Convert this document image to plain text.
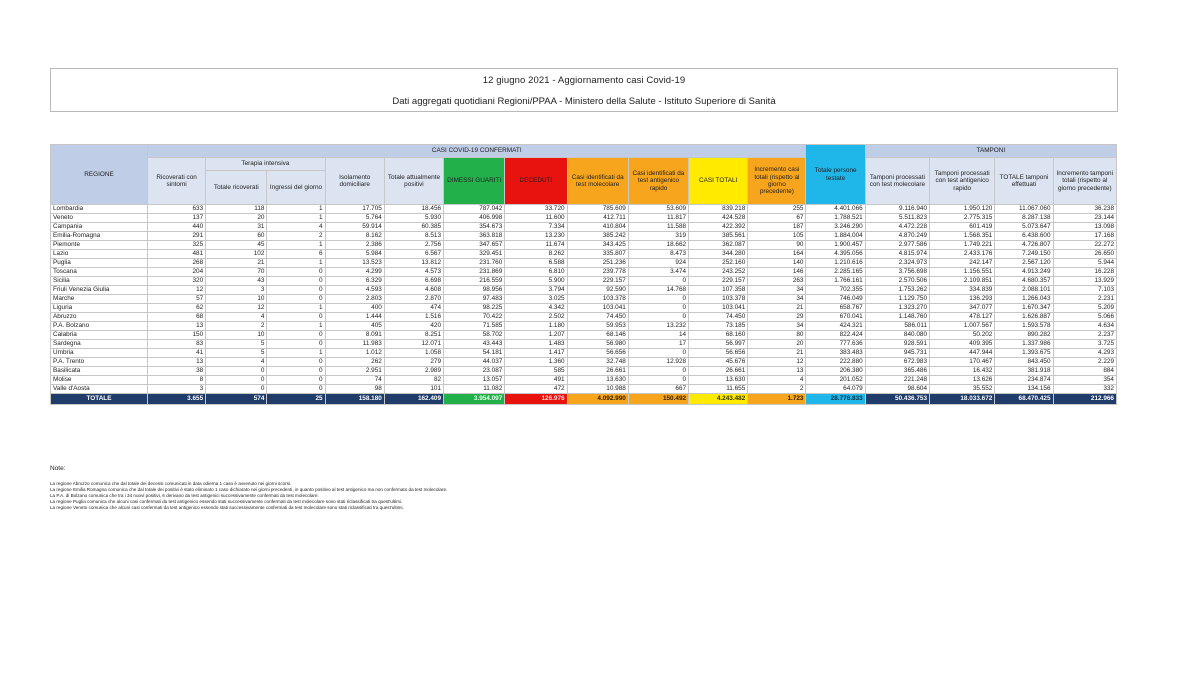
12 giugno 2021 - Aggiornamento casi Covid-19
Dati aggregati quotidiani Regioni/PPAA - Ministero della Salute - Istituto Superiore di Sanità
REGIONE	CASI COVID-19 CONFERMATI											Totale persone testate	TAMPONI			
	Ricoverati con sintomi	Terapia intensiva		Isolamento domiciliare	Totale attualmente positivi	DIMESSI GUARITI	DECEDUTI	Casi identificati da test molecolare	Casi identificati da test antigenico rapido	CASI TOTALI	Incremento casi totali (rispetto al giorno precedente)		Tamponi processati con test molecolare	Tamponi processati con test antigenico rapido	TOTALE tamponi effettuati	Incremento tamponi totali (rispetto al giorno precedente)
		Totale ricoverati	Ingressi del giorno													
Lombardia	633	118	1	17.705	18.456	787.042	33.720	785.609	53.609	839.218	255	4.401.066	9.116.940	1.950.120	11.067.060	36.238
Veneto	137	20	1	5.764	5.930	406.998	11.600	412.711	11.817	424.528	67	1.788.521	5.511.823	2.775.315	8.287.138	23.144
Campania	440	31	4	59.914	60.385	354.673	7.334	410.804	11.588	422.392	187	3.246.290	4.472.228	601.419	5.073.647	13.098
Emilia-Romagna	291	60	2	8.162	8.513	363.818	13.230	385.242	319	385.561	105	1.884.004	4.870.249	1.568.351	6.438.600	17.168
Piemonte	325	45	1	2.386	2.756	347.657	11.674	343.425	18.662	362.087	90	1.900.457	2.977.586	1.749.221	4.726.807	22.272
Lazio	481	102	6	5.984	6.567	329.451	8.262	335.807	8.473	344.280	164	4.395.056	4.815.974	2.433.176	7.249.150	26.650
Puglia	268	21	1	13.523	13.812	231.760	6.588	251.236	924	252.160	140	1.210.616	2.324.973	242.147	2.567.120	5.944
Toscana	204	70	0	4.299	4.573	231.869	6.810	239.778	3.474	243.252	146	2.285.165	3.756.698	1.156.551	4.913.249	16.228
Sicilia	320	43	0	6.329	6.698	216.559	5.900	229.157	0	229.157	263	1.766.161	2.570.506	2.109.851	4.680.357	13.929
Friuli Venezia Giulia	12	3	0	4.593	4.608	98.956	3.794	92.590	14.768	107.358	34	702.355	1.753.262	334.839	2.088.101	7.103
Marche	57	10	0	2.803	2.870	97.483	3.025	103.378	0	103.378	34	746.049	1.129.750	136.293	1.266.043	2.231
Liguria	62	12	1	400	474	98.225	4.342	103.041	0	103.041	21	658.767	1.323.270	347.077	1.670.347	5.209
Abruzzo	68	4	0	1.444	1.516	70.422	2.502	74.450	0	74.450	29	670.041	1.148.760	478.127	1.626.887	5.066
P.A. Bolzano	13	2	1	405	420	71.585	1.180	59.953	13.232	73.185	34	424.321	586.011	1.007.567	1.593.578	4.634
Calabria	150	10	0	8.091	8.251	58.702	1.207	68.146	14	68.160	80	822.424	840.080	50.202	890.282	2.237
Sardegna	83	5	0	11.983	12.071	43.443	1.483	56.980	17	56.997	20	777.636	928.591	409.395	1.337.986	3.725
Umbria	41	5	1	1.012	1.058	54.181	1.417	56.656	0	56.656	21	383.483	945.731	447.944	1.393.675	4.293
P.A. Trento	13	4	0	262	279	44.037	1.360	32.748	12.928	45.676	12	222.880	672.983	170.467	843.450	2.229
Basilicata	38	0	0	2.951	2.989	23.087	585	26.661	0	26.661	13	206.380	365.486	16.432	381.918	884
Molise	8	0	0	74	82	13.057	491	13.630	0	13.630	4	201.052	221.248	13.626	234.874	354
Valle d'Aosta	3	0	0	98	101	11.082	472	10.988	667	11.655	2	64.079	98.604	35.552	134.156	332
TOTALE	3.655	574	25	158.180	162.409	3.954.097	126.976	4.092.990	150.492	4.243.482	1.723	28.776.833	50.436.753	18.033.672	68.470.425	212.966
Note:
La regione Abruzzo comunica che dal totale dei decessi comunicati in data odierna 1 caso è avvenuto nei giorni scorsi.
La regione Emilia Romagna comunica che dal totale dei positivi è stato eliminato 1 caso dichiarato nei giorni precedenti, in quanto positivo al test antigenico ma non confermato da test molecolare.
La P.A. di Bolzano comunica che tra i 34 nuovi positivi, 6 derivano da test antigenici successivamente confermati da test molecolare.
La regione Puglia comunica che alcuni casi confermati da test antigenico essendo stati successivamente confermati da test molecolare sono stati riclassificati tra quest'ultimi.
La regione Veneto comunica che alcuni casi confermati da test antigenico essendo stati successivamente confermati da test molecolare sono stati riclassificati tra quest'ultimi.
